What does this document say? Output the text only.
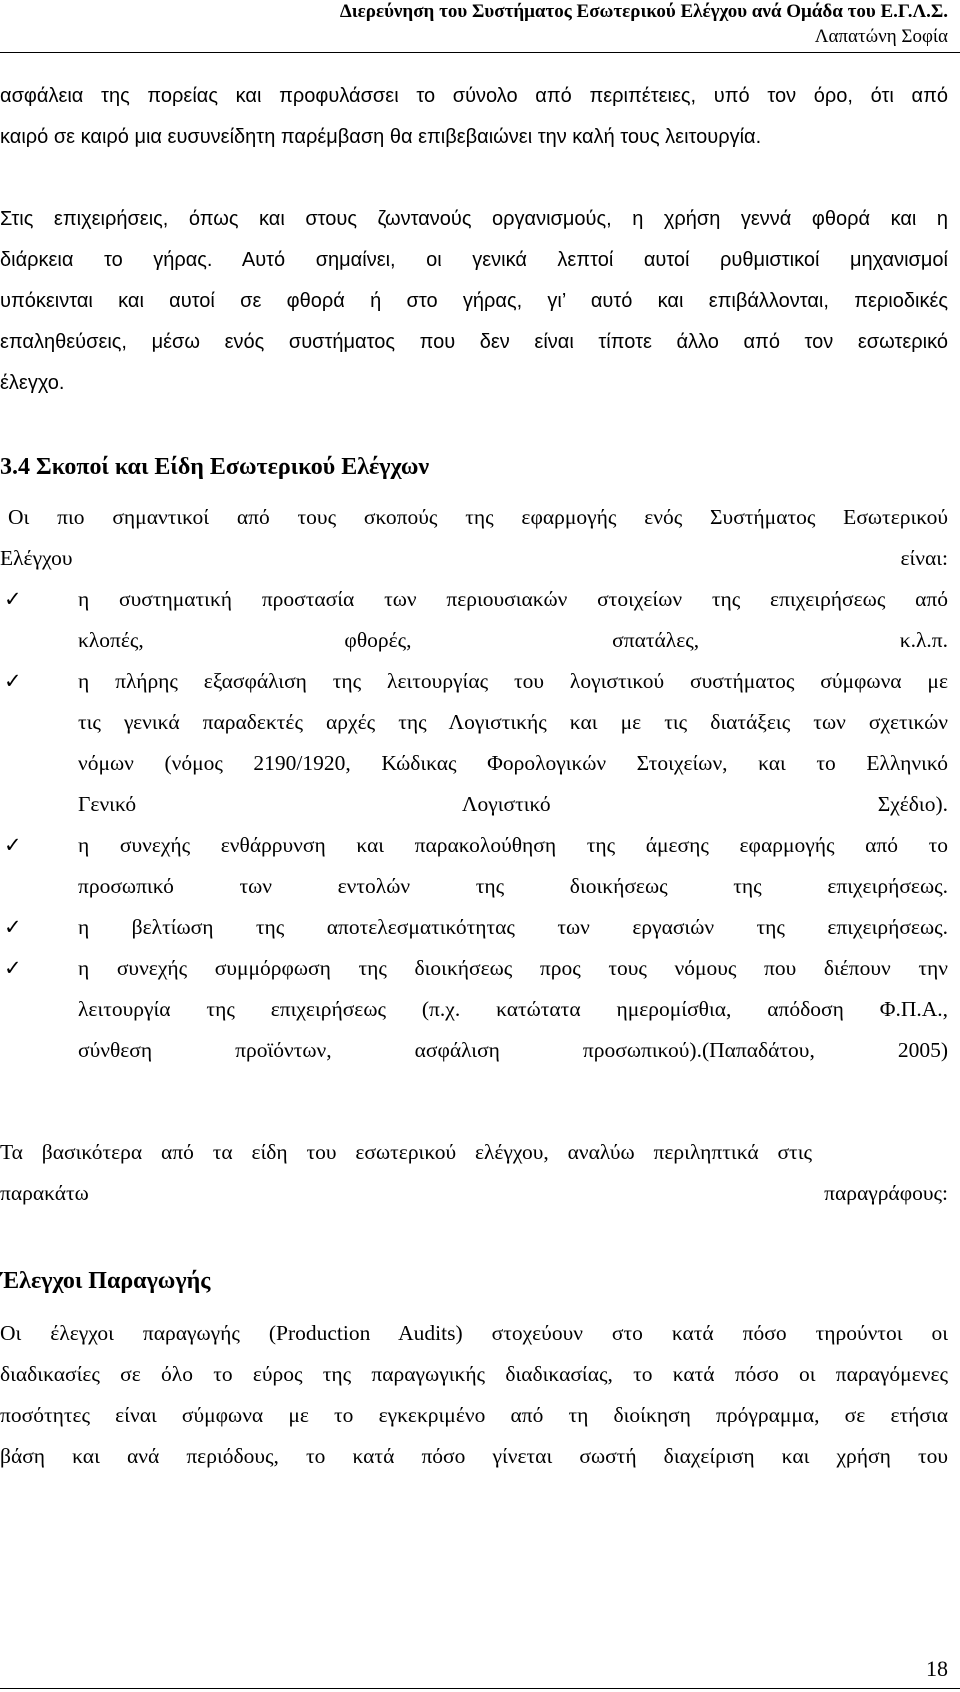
Διερεύνηση του Συστήματος Εσωτερικού Ελέγχου ανά Ομάδα του Ε.Γ.Λ.Σ.
Λαπατώνη Σοφία

ασφάλεια της πορείας και προφυλάσσει το σύνολο από περιπέτειες, υπό τον όρο, ότι από

καιρό σε καιρό μια ευσυνείδητη παρέμβαση θα επιβεβαιώνει την καλή τους λειτουργία.

Στις επιχειρήσεις, όπως και στους ζωντανούς οργανισμούς, η χρήση γεννά φθορά και η

διάρκεια το γήρας. Αυτό σημαίνει, οι γενικά λεπτοί αυτοί ρυθμιστικοί μηχανισμοί

υπόκεινται και αυτοί σε φθορά ή στο γήρας, γι’ αυτό και επιβάλλονται, περιοδικές

επαληθεύσεις, μέσω ενός συστήματος που δεν είναι τίποτε άλλο από τον εσωτερικό

έλεγχο.

3.4 Σκοποί και Είδη Εσωτερικού Ελέγχων

Οι πιο σημαντικοί από τους σκοπούς της εφαρμογής ενός Συστήματος Εσωτερικού

Ελέγχου είναι:

✓	η συστηματική προστασία των περιουσιακών στοιχείων της επιχειρήσεως από

κλοπές, φθορές, σπατάλες, κ.λ.π.

✓	η πλήρης εξασφάλιση της λειτουργίας του λογιστικού συστήματος σύμφωνα με

τις γενικά παραδεκτές αρχές της Λογιστικής και με τις διατάξεις των σχετικών

νόμων (νόμος 2190/1920, Κώδικας Φορολογικών Στοιχείων, και το Ελληνικό

Γενικό Λογιστικό Σχέδιο).

✓	η συνεχής ενθάρρυνση και παρακολούθηση της άμεσης εφαρμογής από το

προσωπικό των εντολών της διοικήσεως της επιχειρήσεως.

✓	η βελτίωση της αποτελεσματικότητας των εργασιών της επιχειρήσεως.

✓	η συνεχής συμμόρφωση της διοικήσεως προς τους νόμους που διέπουν την

λειτουργία της επιχειρήσεως (π.χ. κατώτατα ημερομίσθια, απόδοση Φ.Π.Α.,

σύνθεση προϊόντων, ασφάλιση προσωπικού).(Παπαδάτου, 2005)

Τα βασικότερα από τα είδη του εσωτερικού ελέγχου, αναλύω περιληπτικά στις

παρακάτω παραγράφους:

Έλεγχοι Παραγωγής

Οι έλεγχοι παραγωγής (Production Audits) στοχεύουν στο κατά πόσο τηρούντοι οι

διαδικασίες σε όλο το εύρος της παραγωγικής διαδικασίας, το κατά πόσο οι παραγόμενες

ποσότητες είναι σύμφωνα με το εγκεκριμένο από τη διοίκηση πρόγραμμα, σε ετήσια

βάση και ανά περιόδους, το κατά πόσο γίνεται σωστή διαχείριση και χρήση του

18
